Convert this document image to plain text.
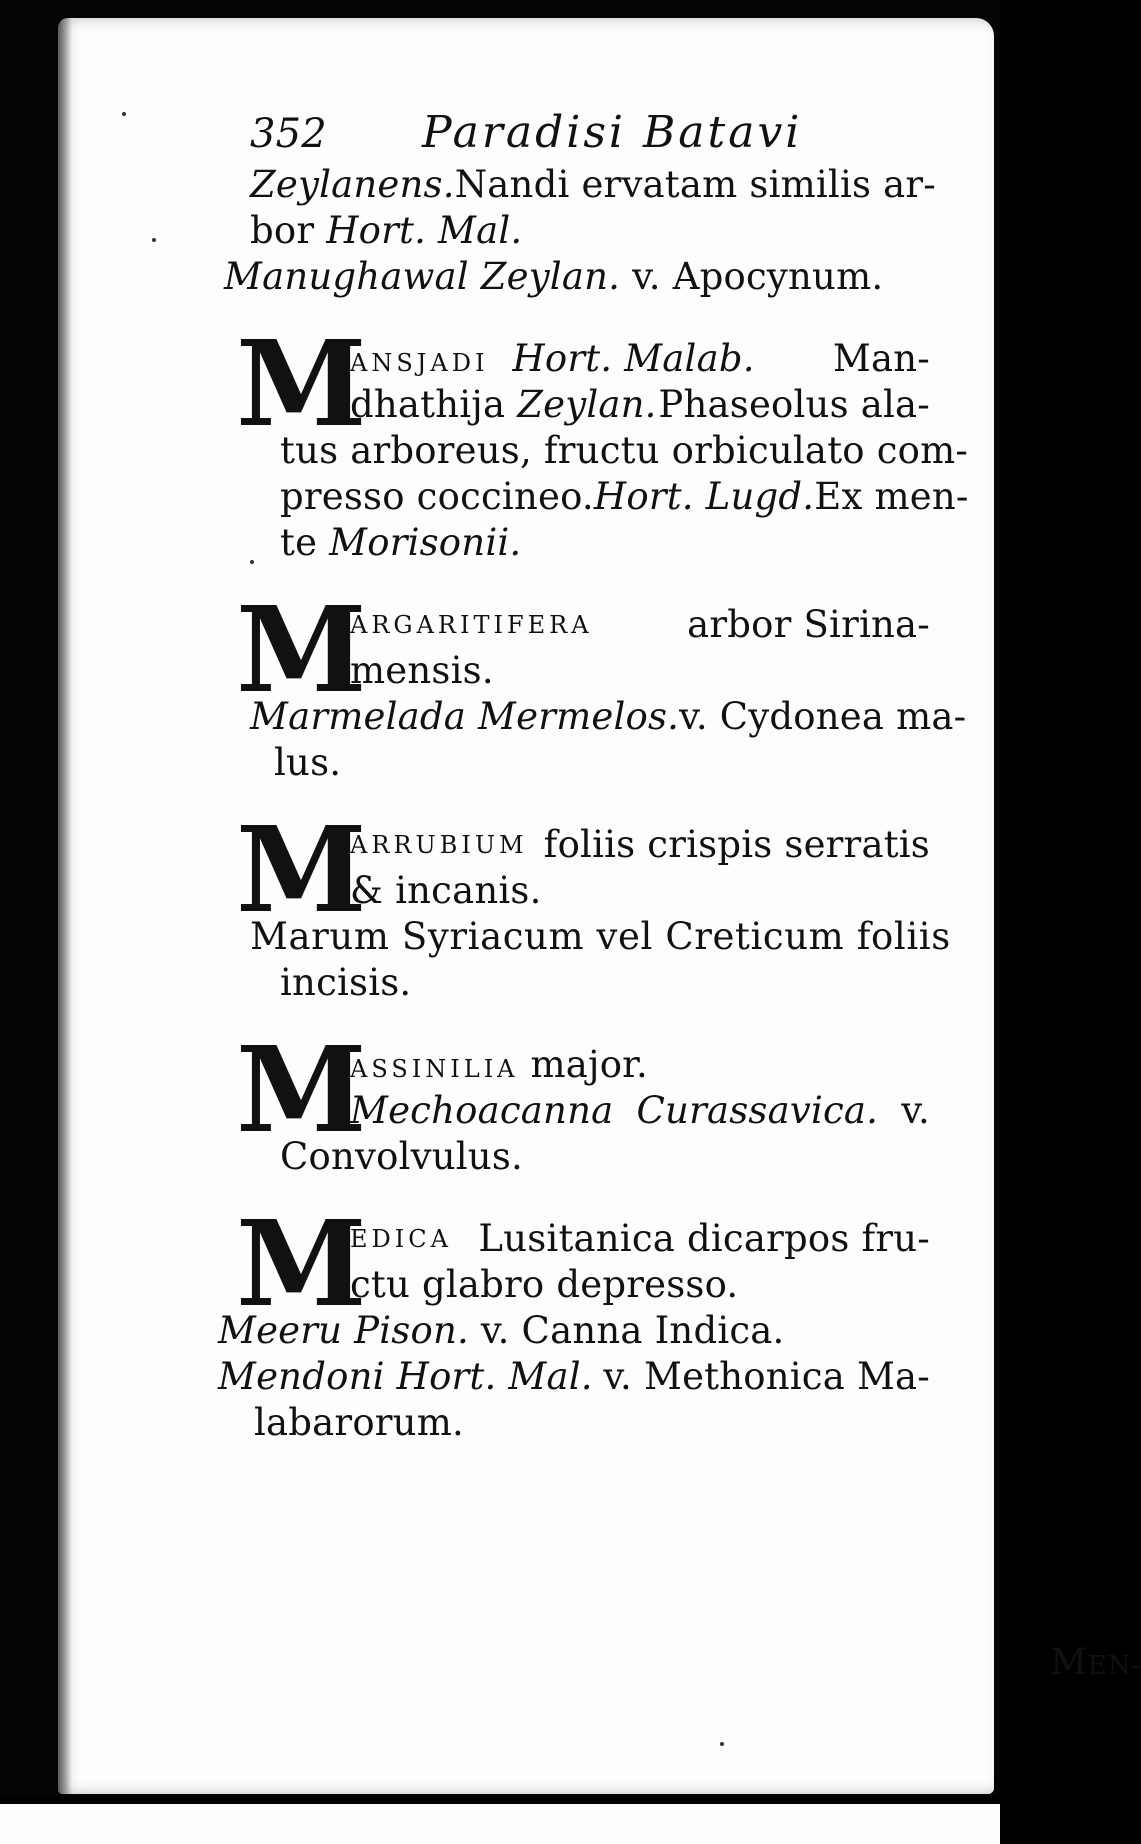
352 Paradisi Batavi
Zeylanens. Nandi ervatam similis ar-
bor Hort. Mal.
Manughawal Zeylan. v. Apocynum.
M
ANSJADI Hort. Malab. Man-
dhathija Zeylan. Phaseolus ala-
tus arboreus, fructu orbiculato com-
presso coccineo.Hort. Lugd. Ex men-
te Morisonii.
M
ARGARITIFERA	arbor Sirina-
mensis.
Marmelada Mermelos. v. Cydonea ma-
lus.
M
ARRUBIUM foliis crispis serratis
& incanis.
Marum Syriacum vel Creticum foliis
incisis.
M
ASSINILIA major.
Mechoacanna Curassavica. v.
Convolvulus.
M
EDICA Lusitanica dicarpos fru-
ctu glabro depresso.
Meeru Pison. v. Canna Indica.
Mendoni Hort. Mal. v. Methonica Ma-
labarorum.
MEN-
